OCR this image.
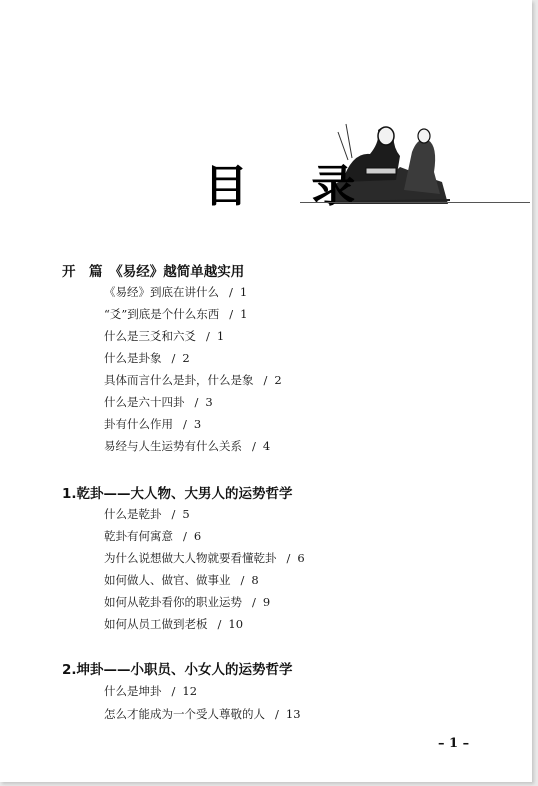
目 录
开　篇　《易经》越简单越实用
《易经》到底在讲什么 / 1
“爻”到底是个什么东西 / 1
什么是三爻和六爻 / 1
什么是卦象 / 2
具体而言什么是卦，什么是象 / 2
什么是六十四卦 / 3
卦有什么作用 / 3
易经与人生运势有什么关系 / 4
1.乾卦——大人物、大男人的运势哲学
什么是乾卦 / 5
乾卦有何寓意 / 6
为什么说想做大人物就要看懂乾卦 / 6
如何做人、做官、做事业 / 8
如何从乾卦看你的职业运势 / 9
如何从员工做到老板 / 10
2.坤卦——小职员、小女人的运势哲学
什么是坤卦 / 12
怎么才能成为一个受人尊敬的人 / 13
– 1 –
